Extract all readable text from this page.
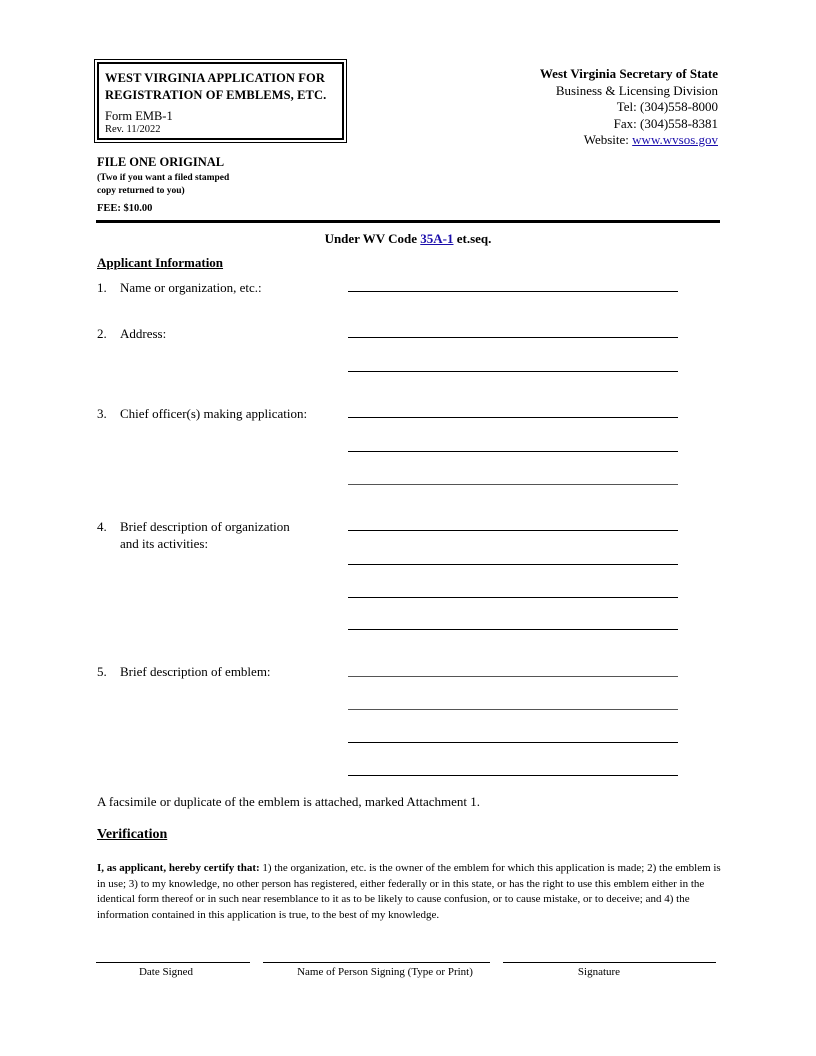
WEST VIRGINIA APPLICATION FOR
REGISTRATION OF EMBLEMS, ETC.
Form EMB-1
Rev. 11/2022
West Virginia Secretary of State
Business & Licensing Division
Tel: (304)558-8000
Fax: (304)558-8381
Website: www.wvsos.gov
FILE ONE ORIGINAL
(Two if you want a filed stamped
copy returned to you)
FEE: $10.00
Under WV Code 35A-1 et.seq.
Applicant Information
1. Name or organization, etc.:
2. Address:
3. Chief officer(s) making application:
4. Brief description of organization
and its activities:
5. Brief description of emblem:
A facsimile or duplicate of the emblem is attached, marked Attachment 1.
Verification
I, as applicant, hereby certify that: 1) the organization, etc. is the owner of the emblem for which this application is made; 2) the emblem is in use; 3) to my knowledge, no other person has registered, either federally or in this state, or has the right to use this emblem either in the identical form thereof or in such near resemblance to it as to be likely to cause confusion, or to cause mistake, or to deceive; and 4) the information contained in this application is true, to the best of my knowledge.
Date Signed	Name of Person Signing (Type or Print)	Signature
